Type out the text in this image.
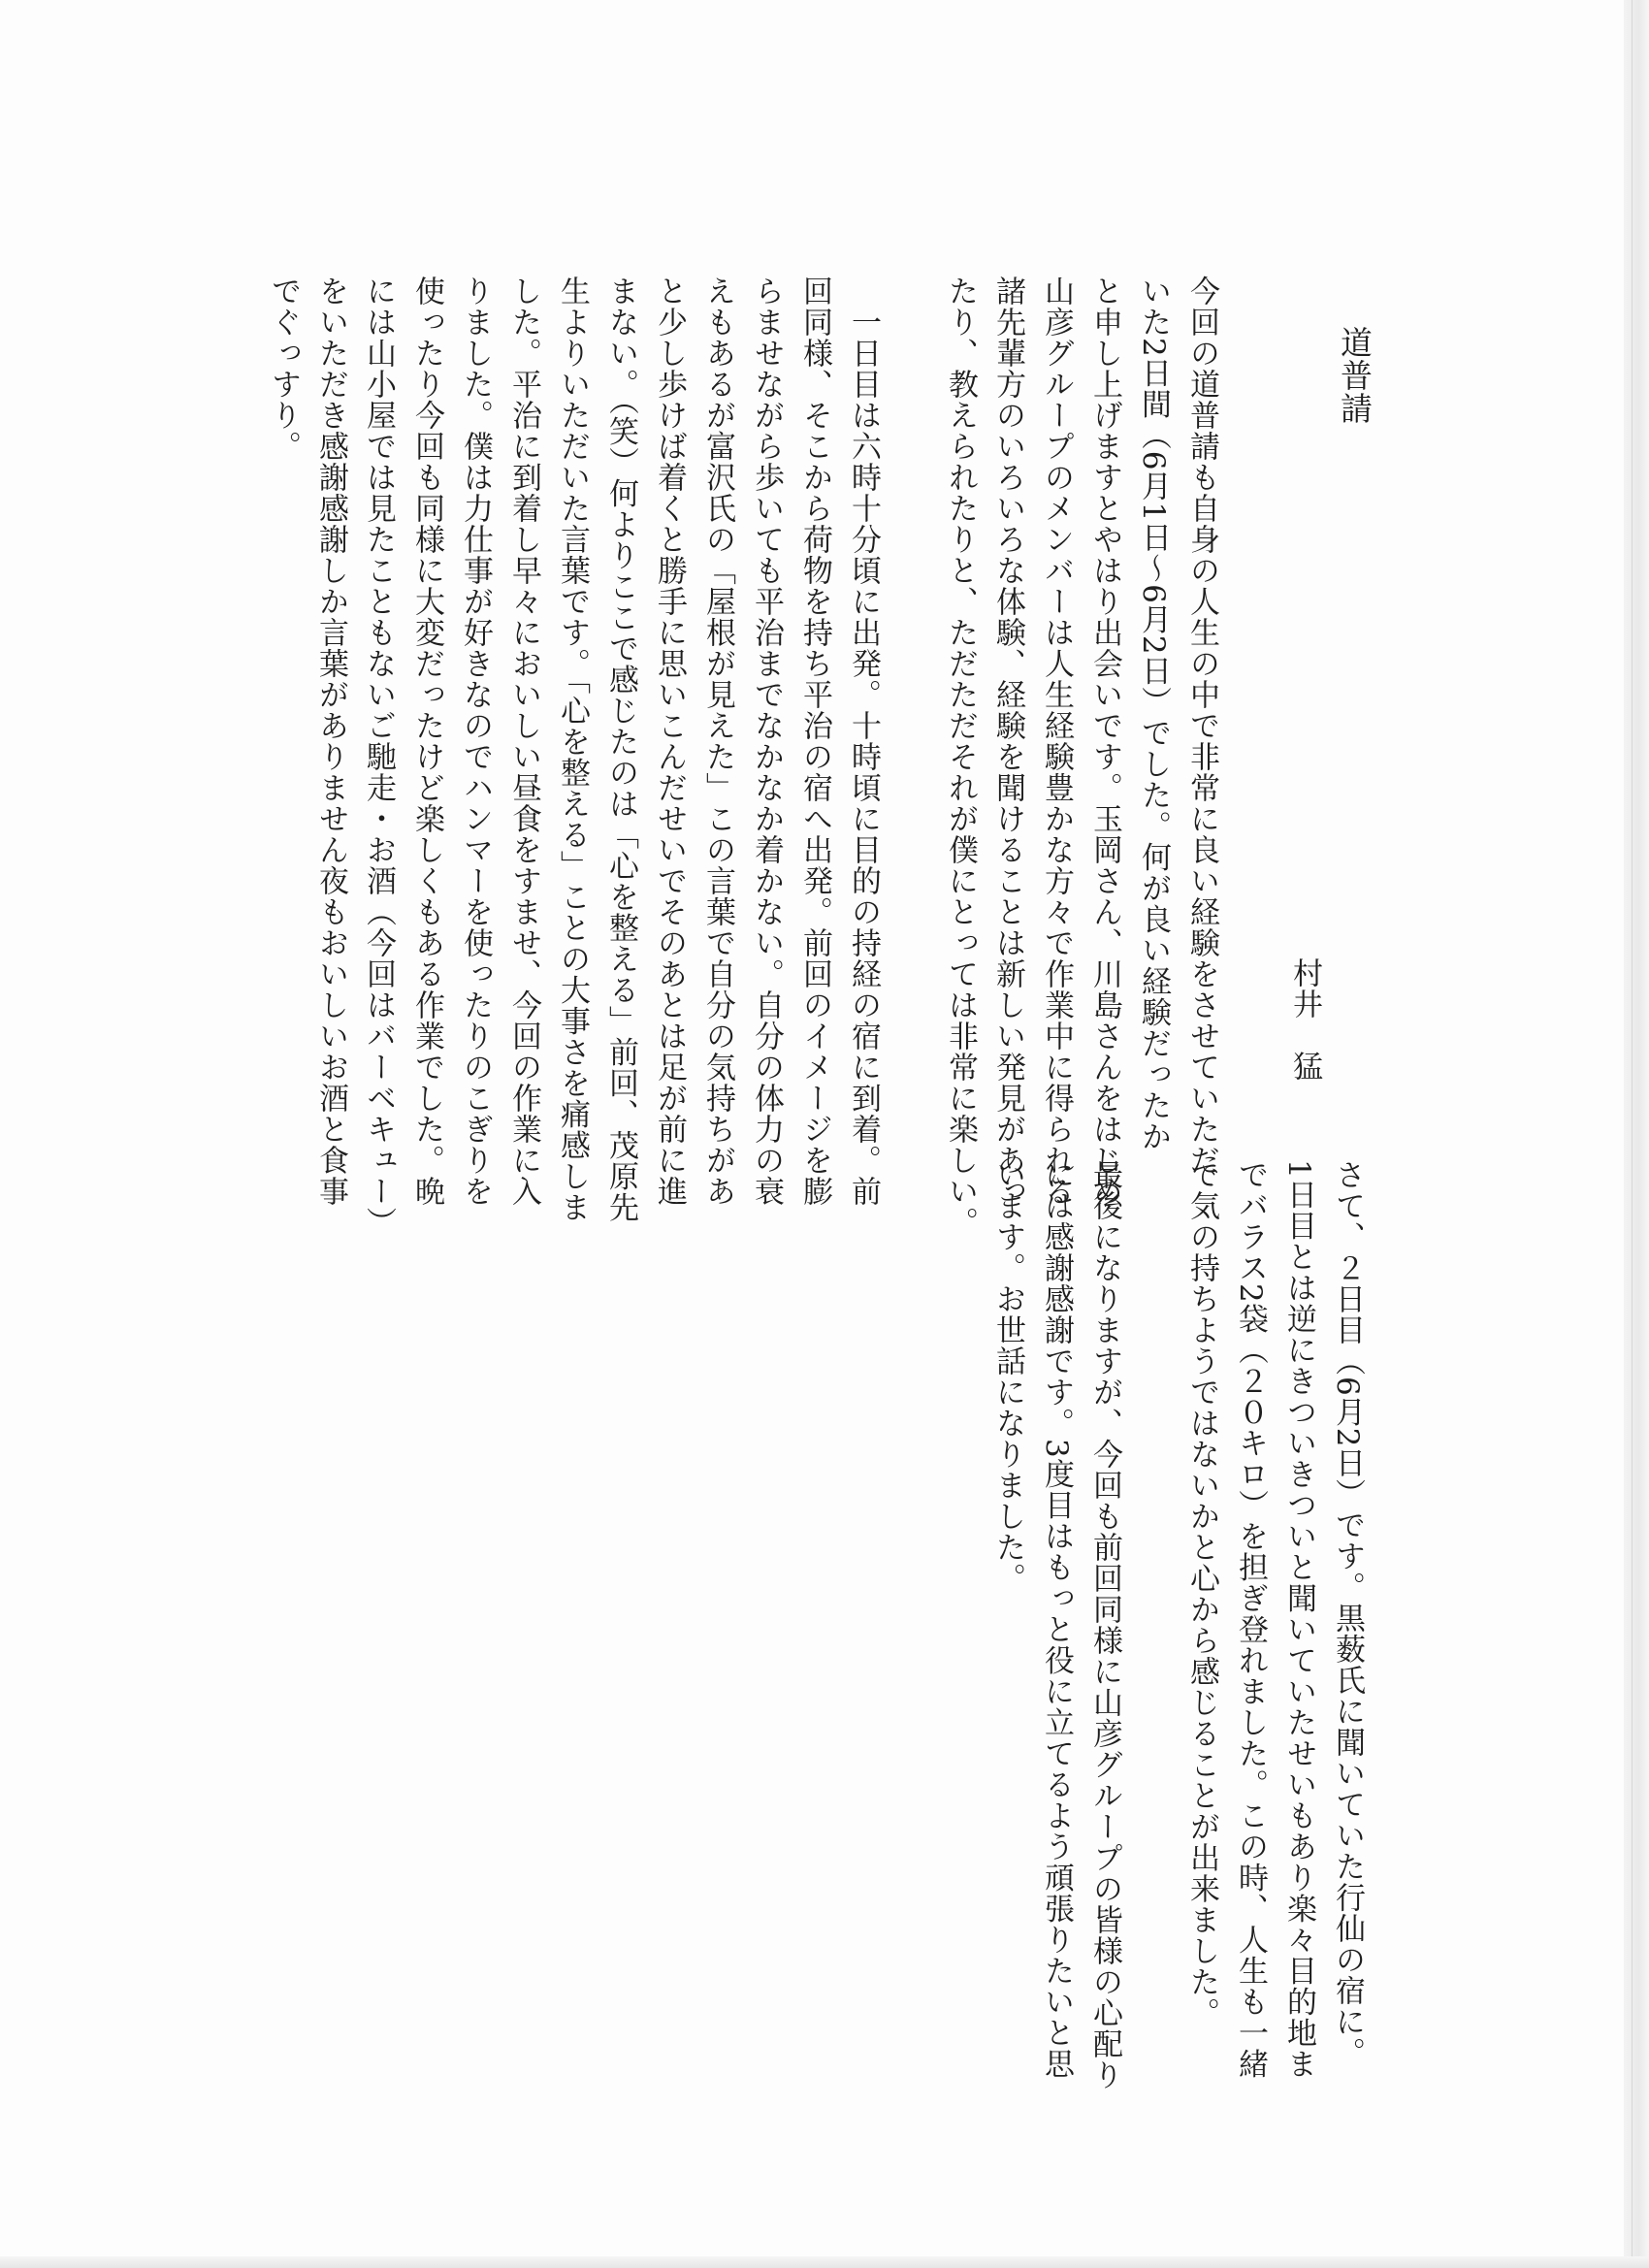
道普請
村井　猛
今回の道普請も自身の人生の中で非常に良い経験をさせていただ
いた2日間（6月1日～6月2日）でした。何が良い経験だったか
と申し上げますとやはり出会いです。玉岡さん、川島さんをはじめ
山彦グループのメンバーは人生経験豊かな方々で作業中に得られる
諸先輩方のいろいろな体験、経験を聞けることは新しい発見があっ
たり、教えられたりと、ただただそれが僕にとっては非常に楽しい。
　一日目は六時十分頃に出発。十時頃に目的の持経の宿に到着。前
回同様、そこから荷物を持ち平治の宿へ出発。前回のイメージを膨
らませながら歩いても平治までなかなか着かない。自分の体力の衰
えもあるが富沢氏の「屋根が見えた」この言葉で自分の気持ちがあ
と少し歩けば着くと勝手に思いこんだせいでそのあとは足が前に進
まない。（笑）何よりここで感じたのは「心を整える」前回、茂原先
生よりいただいた言葉です。「心を整える」ことの大事さを痛感しま
した。平治に到着し早々においしい昼食をすませ、今回の作業に入
りました。僕は力仕事が好きなのでハンマーを使ったりのこぎりを
使ったり今回も同様に大変だったけど楽しくもある作業でした。晩
には山小屋では見たこともないご馳走・お酒（今回はバーベキュー）
をいただき感謝感謝しか言葉がありません夜もおいしいお酒と食事
でぐっすり。
さて、２日目（6月2日）です。黒薮氏に聞いていた行仙の宿に。
1日目とは逆にきついきついと聞いていたせいもあり楽々目的地ま
でバラス2袋（２０キロ）を担ぎ登れました。この時、人生も一緒
で気の持ちようではないかと心から感じることが出来ました。
最後になりますが、今回も前回同様に山彦グループの皆様の心配り
には感謝感謝です。3度目はもっと役に立てるよう頑張りたいと思
います。お世話になりました。
